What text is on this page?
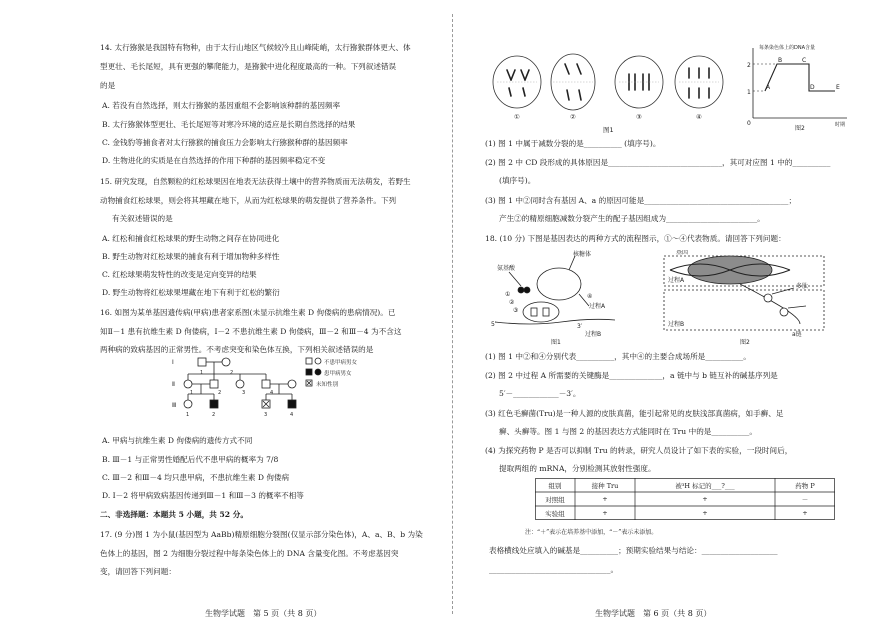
14. 太行猕猴是我国特有物种，由于太行山地区气候较冷且山峰陡峭，太行猕猴群体更大、体
型更壮、毛长尾短，具有更强的攀爬能力，是猕猴中进化程度最高的一种。下列叙述错误
的是
A. 若没有自然选择，则太行猕猴的基因重组不会影响该种群的基因频率
B. 太行猕猴体型更壮、毛长尾短等对寒冷环境的适应是长期自然选择的结果
C. 金钱豹等捕食者对太行猕猴的捕食压力会影响太行猕猴种群的基因频率
D. 生物进化的实质是在自然选择的作用下种群的基因频率稳定不变
15. 研究发现，自然颗粒的红松球果因在地表无法获得土壤中的营养物质而无法萌发，若野生
动物捕食红松球果，则会将其埋藏在地下，从而为红松球果的萌发提供了营养条件。下列
有关叙述错误的是
A. 红松和捕食红松球果的野生动物之间存在协同进化
B. 野生动物对红松球果的捕食有利于增加物种多样性
C. 红松球果萌发特性的改变是定向变异的结果
D. 野生动物将红松球果埋藏在地下有利于红松的繁衍
16. 如图为某单基因遗传病(甲病)患者家系图(未显示抗维生素 D 佝偻病的患病情况)。已
知Ⅱ－1 患有抗维生素 D 佝偻病，Ⅰ－2 不患抗维生素 D 佝偻病，Ⅲ－2 和Ⅲ－4 为不含这
两种病的致病基因的正常男性。不考虑突变和染色体互换，下列相关叙述错误的是
Ⅰ
Ⅱ
Ⅲ
1	2
1	2	3	4
1	2	3	4
不患甲病男女
患甲病男女
未知性别
A. 甲病与抗维生素 D 佝偻病的遗传方式不同
B. Ⅲ－1 与正常男性婚配后代不患甲病的概率为 7/8
C. Ⅲ－2 和Ⅲ－4 均只患甲病，不患抗维生素 D 佝偻病
D. Ⅰ－2 将甲病致病基因传递到Ⅲ－1 和Ⅲ－3 的概率不相等
二、非选择题：本题共 5 小题，共 52 分。
17. (9 分)图 1 为小鼠(基因型为 AaBb)精原细胞分裂图(仅显示部分染色体)，A、a、B、b 为染
色体上的基因，图 2 为细胞分裂过程中每条染色体上的 DNA 含量变化图。不考虑基因突
变，请回答下列问题：
生物学试题　第 5 页（共 8 页）
①	②	③	④
图1
每条染色体上的DNA含量
2
1
0	时期
图2
A
B	C
D	E
(1) 图 1 中属于减数分裂的是__________ (填序号)。
(2) 图 2 中 CD 段形成的具体原因是______________________________，其可对应图 1 中的__________
(填序号)。
(3) 图 1 中②同时含有基因 A、a 的原因可能是______________________________________；
产生②的精原细胞减数分裂产生的配子基因组成为________________________。
18. (10 分) 下图是基因表达的两种方式的流程图示，①～④代表物质。请回答下列问题：
氨基酸
核糖体
①
②
③
④
过程A
5′	3′
过程B
图1
基因
过程A
过程B
多肽
a链
图2
(1) 图 1 中②和④分别代表__________，其中④的主要合成场所是__________。
(2) 图 2 中过程 A 所需要的关键酶是______________，a 链中与 b 链互补的碱基序列是
5′－____________－3′。
(3) 红色毛癣菌(Tru)是一种人源的皮肤真菌，能引起常见的皮肤浅部真菌病，如手癣、足
癣、头癣等。图 1 与图 2 的基因表达方式能同时在 Tru 中的是__________。
(4) 为探究药物 P 是否可以抑制 Tru 的转录，研究人员设计了如下表的实验，一段时间后，
提取两组的 mRNA，分别检测其放射性强度。
组别	接种 Tru	被³H 标记的___?___	药物 P
对照组	+	+	－
实验组	+	+	+
注：“＋”表示在培养基中添加，“－”表示未添加。
表格横线处应填入的碱基是__________；预期实验结果与结论：____________________
________________________________。
生物学试题　第 6 页（共 8 页）
